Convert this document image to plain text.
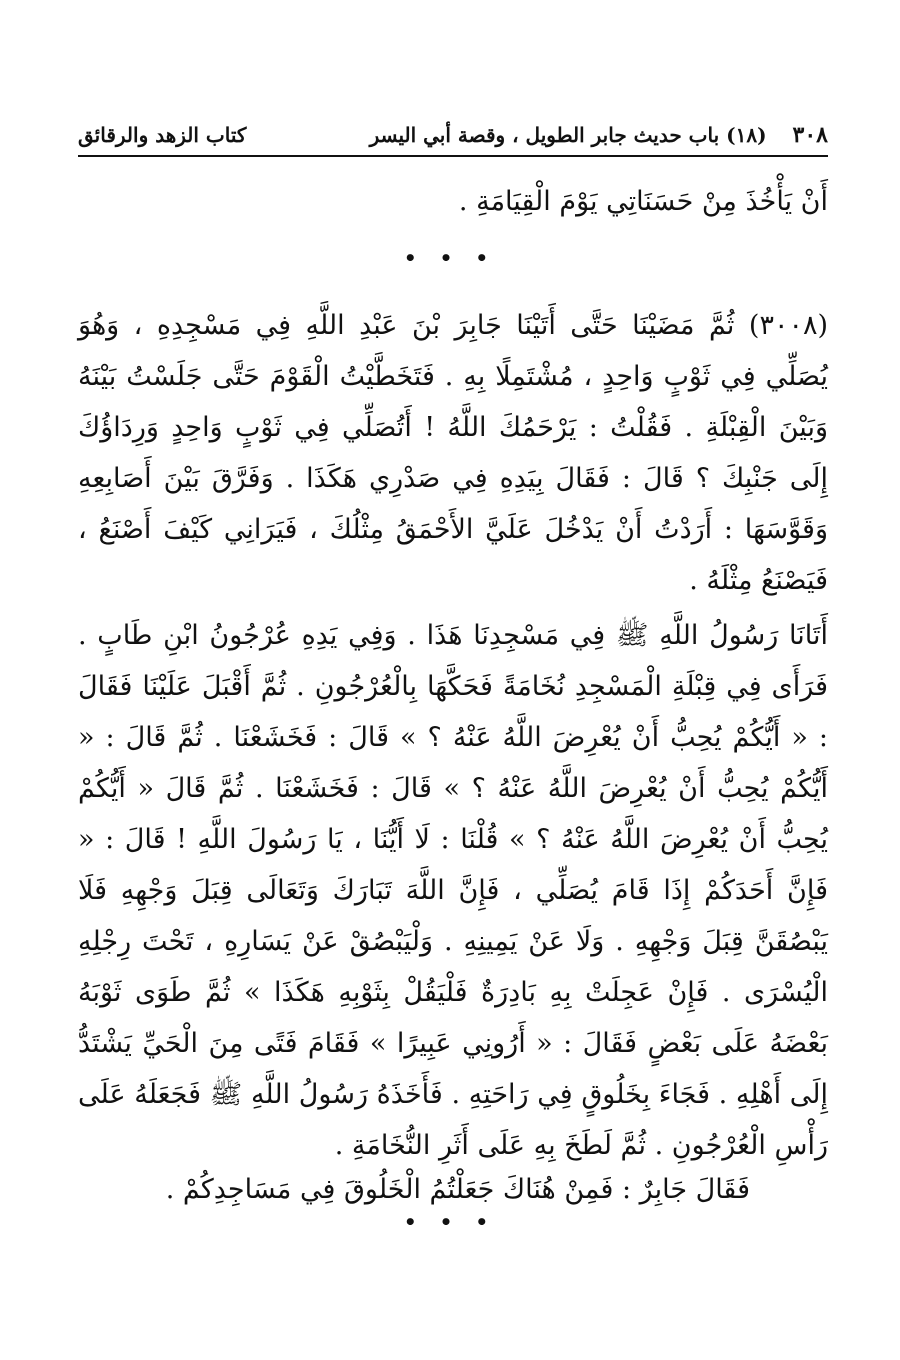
٣٠٨
(١٨) باب حديث جابر الطويل ، وقصة أبي اليسر
كتاب الزهد والرقائق
أَنْ يَأْخُذَ مِنْ حَسَنَاتِي يَوْمَ الْقِيَامَةِ .
• • •
(٣٠٠٨) ثُمَّ مَضَيْنَا حَتَّى أَتَيْنَا جَابِرَ بْنَ عَبْدِ اللَّهِ فِي مَسْجِدِهِ ، وَهُوَ يُصَلِّي فِي ثَوْبٍ وَاحِدٍ ، مُشْتَمِلًا بِهِ . فَتَخَطَّيْتُ الْقَوْمَ حَتَّى جَلَسْتُ بَيْنَهُ وَبَيْنَ الْقِبْلَةِ . فَقُلْتُ : يَرْحَمُكَ اللَّهُ ! أَتُصَلِّي فِي ثَوْبٍ وَاحِدٍ وَرِدَاؤُكَ إِلَى جَنْبِكَ ؟ قَالَ : فَقَالَ بِيَدِهِ فِي صَدْرِي هَكَذَا . وَفَرَّقَ بَيْنَ أَصَابِعِهِ وَقَوَّسَهَا : أَرَدْتُ أَنْ يَدْخُلَ عَلَيَّ الأَحْمَقُ مِثْلُكَ ، فَيَرَانِي كَيْفَ أَصْنَعُ ، فَيَصْنَعُ مِثْلَهُ .
أَتَانَا رَسُولُ اللَّهِ ﷺ فِي مَسْجِدِنَا هَذَا . وَفِي يَدِهِ عُرْجُونُ ابْنِ طَابٍ . فَرَأَى فِي قِبْلَةِ الْمَسْجِدِ نُخَامَةً فَحَكَّهَا بِالْعُرْجُونِ . ثُمَّ أَقْبَلَ عَلَيْنَا فَقَالَ : « أَيُّكُمْ يُحِبُّ أَنْ يُعْرِضَ اللَّهُ عَنْهُ ؟ » قَالَ : فَخَشَعْنَا . ثُمَّ قَالَ : « أَيُّكُمْ يُحِبُّ أَنْ يُعْرِضَ اللَّهُ عَنْهُ ؟ » قَالَ : فَخَشَعْنَا . ثُمَّ قَالَ « أَيُّكُمْ يُحِبُّ أَنْ يُعْرِضَ اللَّهُ عَنْهُ ؟ » قُلْنَا : لَا أَيُّنَا ، يَا رَسُولَ اللَّهِ ! قَالَ : « فَإِنَّ أَحَدَكُمْ إِذَا قَامَ يُصَلِّي ، فَإِنَّ اللَّهَ تَبَارَكَ وَتَعَالَى قِبَلَ وَجْهِهِ فَلَا يَبْصُقَنَّ قِبَلَ وَجْهِهِ . وَلَا عَنْ يَمِينِهِ . وَلْيَبْصُقْ عَنْ يَسَارِهِ ، تَحْتَ رِجْلِهِ الْيُسْرَى . فَإِنْ عَجِلَتْ بِهِ بَادِرَةٌ فَلْيَقُلْ بِثَوْبِهِ هَكَذَا » ثُمَّ طَوَى ثَوْبَهُ بَعْضَهُ عَلَى بَعْضٍ فَقَالَ : « أَرُونِي عَبِيرًا » فَقَامَ فَتًى مِنَ الْحَيِّ يَشْتَدُّ إِلَى أَهْلِهِ . فَجَاءَ بِخَلُوقٍ فِي رَاحَتِهِ . فَأَخَذَهُ رَسُولُ اللَّهِ ﷺ فَجَعَلَهُ عَلَى رَأْسِ الْعُرْجُونِ . ثُمَّ لَطَخَ بِهِ عَلَى أَثَرِ النُّخَامَةِ .
فَقَالَ جَابِرٌ : فَمِنْ هُنَاكَ جَعَلْتُمُ الْخَلُوقَ فِي مَسَاجِدِكُمْ .
• • •
